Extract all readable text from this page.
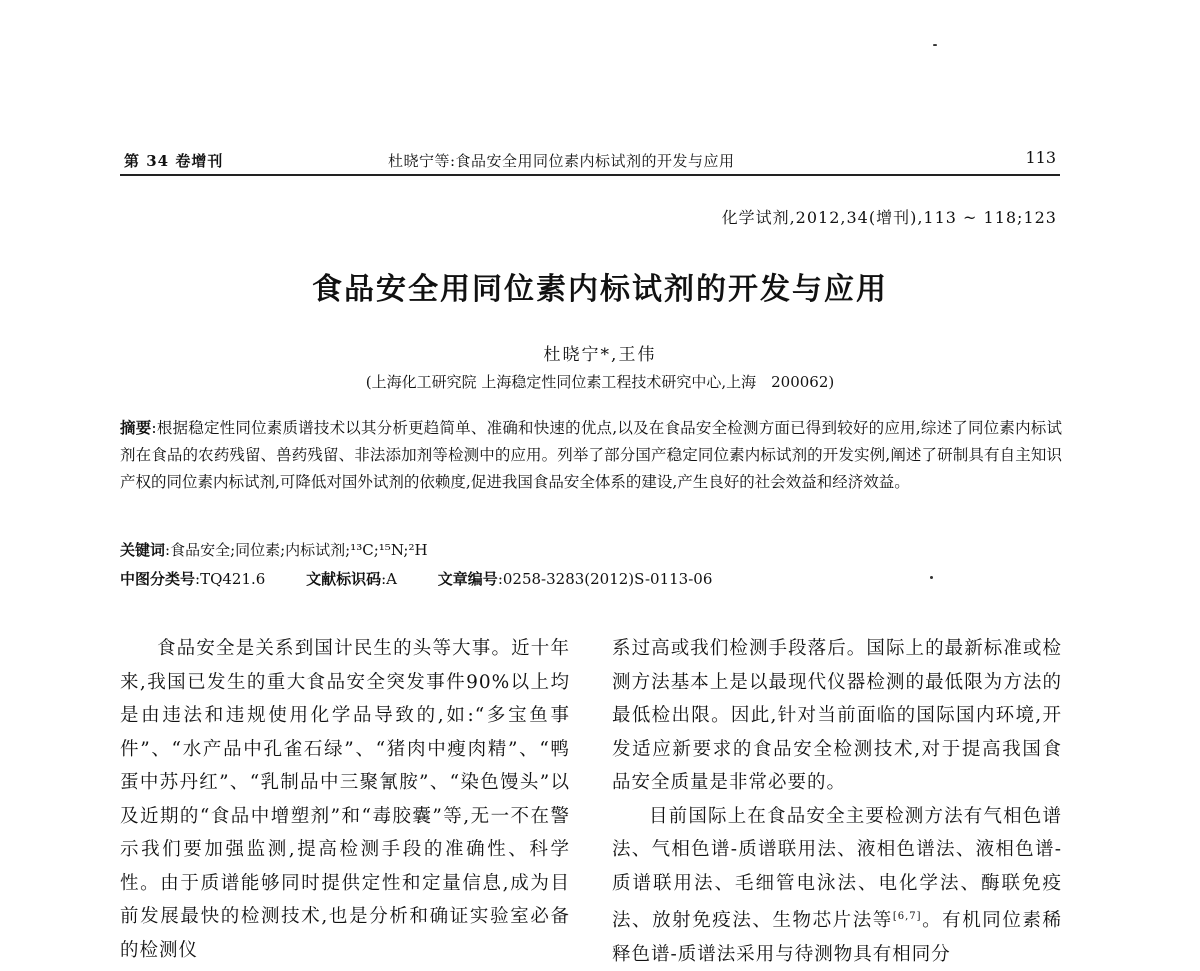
第 34 卷增刊	杜晓宁等:食品安全用同位素内标试剂的开发与应用	113
化学试剂,2012,34(增刊),113 ~ 118;123
食品安全用同位素内标试剂的开发与应用
杜晓宁*,王伟
(上海化工研究院 上海稳定性同位素工程技术研究中心,上海　200062)
摘要:根据稳定性同位素质谱技术以其分析更趋简单、准确和快速的优点,以及在食品安全检测方面已得到较好的应用,综述了同位素内标试剂在食品的农药残留、兽药残留、非法添加剂等检测中的应用。列举了部分国产稳定同位素内标试剂的开发实例,阐述了研制具有自主知识产权的同位素内标试剂,可降低对国外试剂的依赖度,促进我国食品安全体系的建设,产生良好的社会效益和经济效益。
关键词:食品安全;同位素;内标试剂;¹³C;¹⁵N;²H
中图分类号:TQ421.6	文献标识码:A	文章编号:0258-3283(2012)S-0113-06

食品安全是关系到国计民生的头等大事。近十年来,我国已发生的重大食品安全突发事件90%以上均是由违法和违规使用化学品导致的,如:“多宝鱼事件”、“水产品中孔雀石绿”、“猪肉中瘦肉精”、“鸭蛋中苏丹红”、“乳制品中三聚氰胺”、“染色馒头”以及近期的“食品中增塑剂”和“毒胶囊”等,无一不在警示我们要加强监测,提高检测手段的准确性、科学性。由于质谱能够同时提供定性和定量信息,成为目前发展最快的检测技术,也是分析和确证实验室必备的检测仪

系过高或我们检测手段落后。国际上的最新标准或检测方法基本上是以最现代仪器检测的最低限为方法的最低检出限。因此,针对当前面临的国际国内环境,开发适应新要求的食品安全检测技术,对于提高我国食品安全质量是非常必要的。

目前国际上在食品安全主要检测方法有气相色谱法、气相色谱-质谱联用法、液相色谱法、液相色谱-质谱联用法、毛细管电泳法、电化学法、酶联免疫法、放射免疫法、生物芯片法等[6,7]。有机同位素稀释色谱-质谱法采用与待测物具有相同分
